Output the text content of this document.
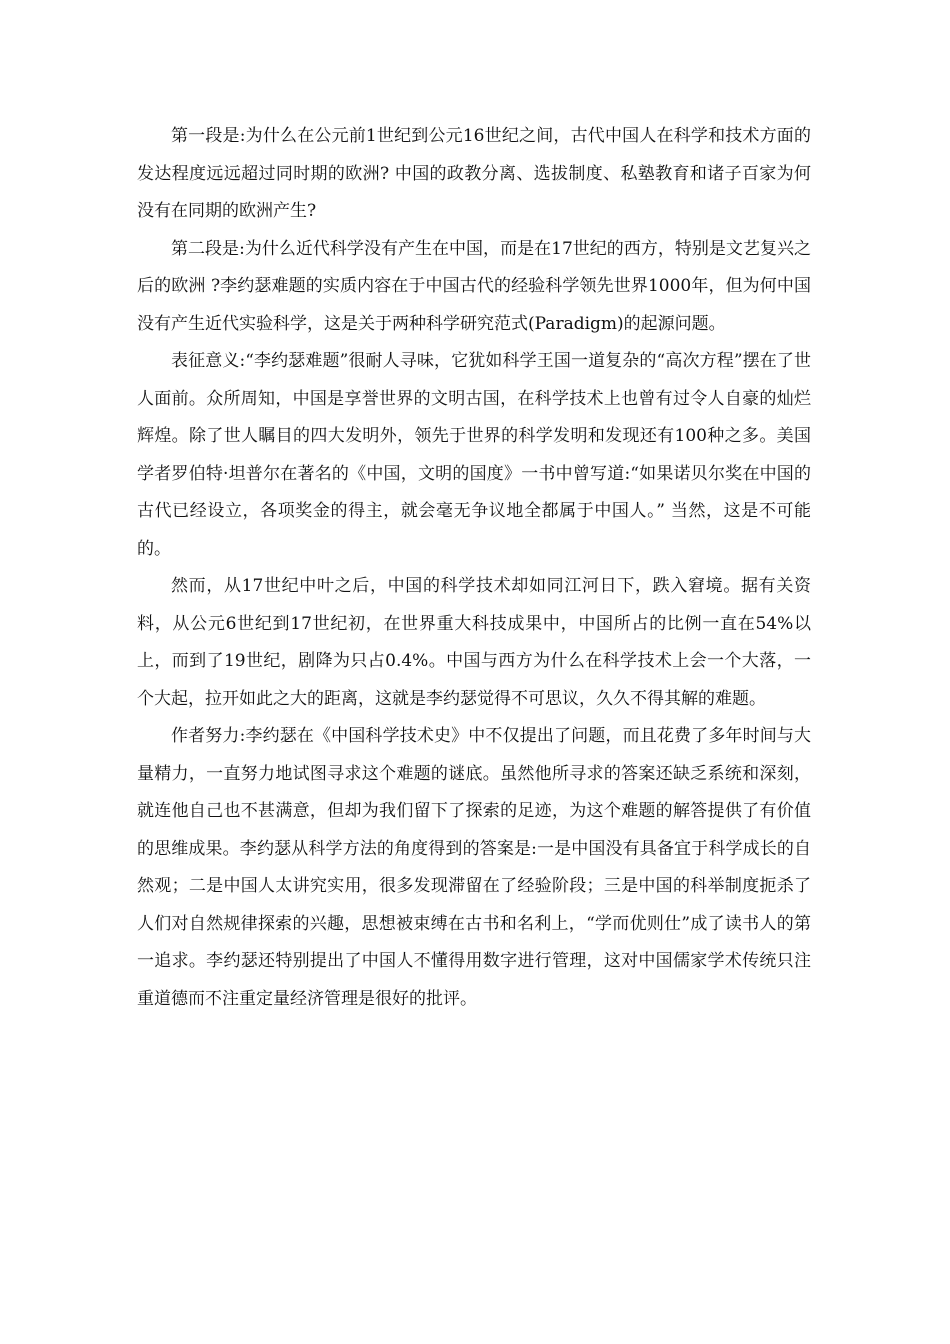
第一段是:为什么在公元前1世纪到公元16世纪之间，古代中国人在科学和技术方面的发达程度远远超过同时期的欧洲? 中国的政教分离、选拔制度、私塾教育和诸子百家为何没有在同期的欧洲产生?

第二段是:为什么近代科学没有产生在中国，而是在17世纪的西方，特别是文艺复兴之后的欧洲 ?李约瑟难题的实质内容在于中国古代的经验科学领先世界1000年，但为何中国没有产生近代实验科学，这是关于两种科学研究范式(Paradigm)的起源问题。

表征意义:“李约瑟难题”很耐人寻味，它犹如科学王国一道复杂的“高次方程”摆在了世人面前。众所周知，中国是享誉世界的文明古国，在科学技术上也曾有过令人自豪的灿烂辉煌。除了世人瞩目的四大发明外，领先于世界的科学发明和发现还有100种之多。美国学者罗伯特·坦普尔在著名的《中国，文明的国度》一书中曾写道:“如果诺贝尔奖在中国的古代已经设立，各项奖金的得主，就会毫无争议地全都属于中国人。” 当然，这是不可能的。

然而，从17世纪中叶之后，中国的科学技术却如同江河日下，跌入窘境。据有关资料，从公元6世纪到17世纪初，在世界重大科技成果中，中国所占的比例一直在54%以上，而到了19世纪，剧降为只占0.4%。中国与西方为什么在科学技术上会一个大落，一个大起，拉开如此之大的距离，这就是李约瑟觉得不可思议，久久不得其解的难题。

作者努力:李约瑟在《中国科学技术史》中不仅提出了问题，而且花费了多年时间与大量精力，一直努力地试图寻求这个难题的谜底。虽然他所寻求的答案还缺乏系统和深刻，就连他自己也不甚满意，但却为我们留下了探索的足迹，为这个难题的解答提供了有价值的思维成果。李约瑟从科学方法的角度得到的答案是:一是中国没有具备宜于科学成长的自然观；二是中国人太讲究实用，很多发现滞留在了经验阶段；三是中国的科举制度扼杀了人们对自然规律探索的兴趣，思想被束缚在古书和名利上，“学而优则仕”成了读书人的第一追求。李约瑟还特别提出了中国人不懂得用数字进行管理，这对中国儒家学术传统只注重道德而不注重定量经济管理是很好的批评。
